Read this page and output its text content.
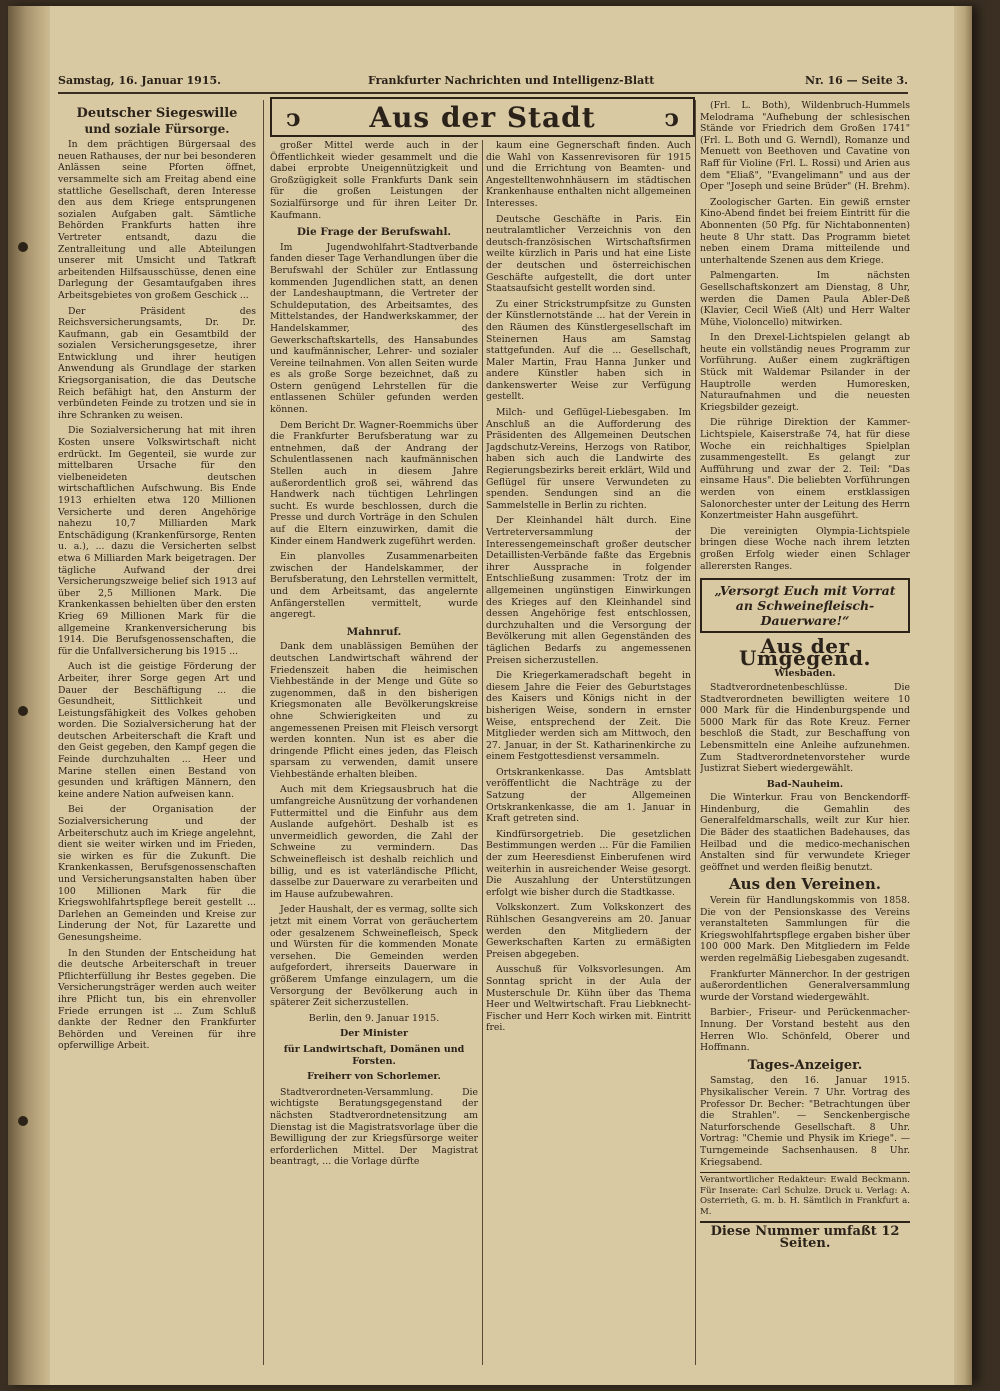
Samstag, 16. Januar 1915.	Frankfurter Nachrichten und Intelligenz-Blatt	Nr. 16 — Seite 3.
ↄ	Aus der Stadt	ↄ
Deutscher Siegeswille
und soziale Fürsorge.

In dem prächtigen Bürgersaal des neuen Rathauses, der nur bei besonderen Anlässen seine Pforten öffnet, versammelte sich am Freitag abend eine stattliche Gesellschaft, deren Interesse den aus dem Kriege entsprungenen sozialen Aufgaben galt. Sämtliche Behörden Frankfurts hatten ihre Vertreter entsandt, dazu die Zentralleitung und alle Abteilungen unserer mit Umsicht und Tatkraft arbeitenden Hilfsausschüsse, denen eine Darlegung der Gesamtaufgaben ihres Arbeitsgebietes von großem Geschick ...

Der Präsident des Reichsversicherungsamts, Dr. Dr. Kaufmann, gab ein Gesamtbild der sozialen Versicherungsgesetze, ihrer Entwicklung und ihrer heutigen Anwendung als Grundlage der starken Kriegsorganisation, die das Deutsche Reich befähigt hat, den Ansturm der verbündeten Feinde zu trotzen und sie in ihre Schranken zu weisen.

Die Sozialversicherung hat mit ihren Kosten unsere Volkswirtschaft nicht erdrückt. Im Gegenteil, sie wurde zur mittelbaren Ursache für den vielbeneideten deutschen wirtschaftlichen Aufschwung. Bis Ende 1913 erhielten etwa 120 Millionen Versicherte und deren Angehörige nahezu 10,7 Milliarden Mark Entschädigung (Krankenfürsorge, Renten u. a.), ... dazu die Versicherten selbst etwa 6 Milliarden Mark beigetragen. Der tägliche Aufwand der drei Versicherungszweige belief sich 1913 auf über 2,5 Millionen Mark. Die Krankenkassen behielten über den ersten Krieg 69 Millionen Mark für die allgemeine Krankenversicherung bis 1914. Die Berufsgenossenschaften, die für die Unfallversicherung bis 1915 ...

Auch ist die geistige Förderung der Arbeiter, ihrer Sorge gegen Art und Dauer der Beschäftigung ... die Gesundheit, Sittlichkeit und Leistungsfähigkeit des Volkes gehoben worden. Die Sozialversicherung hat der deutschen Arbeiterschaft die Kraft und den Geist gegeben, den Kampf gegen die Feinde durchzuhalten ... Heer und Marine stellen einen Bestand von gesunden und kräftigen Männern, den keine andere Nation aufweisen kann.

Bei der Organisation der Sozialversicherung und der Arbeiterschutz auch im Kriege angelehnt, dient sie weiter wirken und im Frieden, sie wirken es für die Zukunft. Die Krankenkassen, Berufsgenossenschaften und Versicherungsanstalten haben über 100 Millionen Mark für die Kriegswohlfahrtspflege bereit gestellt ... Darlehen an Gemeinden und Kreise zur Linderung der Not, für Lazarette und Genesungsheime.

In den Stunden der Entscheidung hat die deutsche Arbeiterschaft in treuer Pflichterfüllung ihr Bestes gegeben. Die Versicherungsträger werden auch weiter ihre Pflicht tun, bis ein ehrenvoller Friede errungen ist ... Zum Schluß dankte der Redner den Frankfurter Behörden und Vereinen für ihre opferwillige Arbeit.

großer Mittel werde auch in der Öffentlichkeit wieder gesammelt und die dabei erprobte Uneigennützigkeit und Großzügigkeit solle Frankfurts Dank sein für die großen Leistungen der Sozialfürsorge und für ihren Leiter Dr. Kaufmann.

Die Frage der Berufswahl.

Im Jugendwohlfahrt-Stadtverbande fanden dieser Tage Verhandlungen über die Berufswahl der Schüler zur Entlassung kommenden Jugendlichen statt, an denen der Landeshauptmann, die Vertreter der Schuldeputation, des Arbeitsamtes, des Mittelstandes, der Handwerkskammer, der Handelskammer, des Gewerkschaftskartells, des Hansabundes und kaufmännischer, Lehrer- und sozialer Vereine teilnahmen. Von allen Seiten wurde es als große Sorge bezeichnet, daß zu Ostern genügend Lehrstellen für die entlassenen Schüler gefunden werden können.

Dem Bericht Dr. Wagner-Roemmichs über die Frankfurter Berufsberatung war zu entnehmen, daß der Andrang der Schulentlassenen nach kaufmännischen Stellen auch in diesem Jahre außerordentlich groß sei, während das Handwerk nach tüchtigen Lehrlingen sucht. Es wurde beschlossen, durch die Presse und durch Vorträge in den Schulen auf die Eltern einzuwirken, damit die Kinder einem Handwerk zugeführt werden.

Ein planvolles Zusammenarbeiten zwischen der Handelskammer, der Berufsberatung, den Lehrstellen vermittelt, und dem Arbeitsamt, das angelernte Anfängerstellen vermittelt, wurde angeregt.

Mahnruf.

Dank dem unablässigen Bemühen der deutschen Landwirtschaft während der Friedenszeit haben die heimischen Viehbestände in der Menge und Güte so zugenommen, daß in den bisherigen Kriegsmonaten alle Bevölkerungskreise ohne Schwierigkeiten und zu angemessenen Preisen mit Fleisch versorgt werden konnten. Nun ist es aber die dringende Pflicht eines jeden, das Fleisch sparsam zu verwenden, damit unsere Viehbestände erhalten bleiben.

Auch mit dem Kriegsausbruch hat die umfangreiche Ausnützung der vorhandenen Futtermittel und die Einfuhr aus dem Auslande aufgehört. Deshalb ist es unvermeidlich geworden, die Zahl der Schweine zu vermindern. Das Schweinefleisch ist deshalb reichlich und billig, und es ist vaterländische Pflicht, dasselbe zur Dauerware zu verarbeiten und im Hause aufzubewahren.

Jeder Haushalt, der es vermag, sollte sich jetzt mit einem Vorrat von geräuchertem oder gesalzenem Schweinefleisch, Speck und Würsten für die kommenden Monate versehen. Die Gemeinden werden aufgefordert, ihrerseits Dauerware in größerem Umfange einzulagern, um die Versorgung der Bevölkerung auch in späterer Zeit sicherzustellen.

Berlin, den 9. Januar 1915.
Der Minister
für Landwirtschaft, Domänen und Forsten.
Freiherr von Schorlemer.

Stadtverordneten-Versammlung. Die wichtigste Beratungsgegenstand der nächsten Stadtverordnetensitzung am Dienstag ist die Magistratsvorlage über die Bewilligung der zur Kriegsfürsorge weiter erforderlichen Mittel. Der Magistrat beantragt, ... die Vorlage dürfte

kaum eine Gegnerschaft finden. Auch die Wahl von Kassenrevisoren für 1915 und die Errichtung von Beamten- und Angestelltenwohnhäusern im städtischen Krankenhause enthalten nicht allgemeinen Interesses.

Deutsche Geschäfte in Paris. Ein neutralamtlicher Verzeichnis von den deutsch-französischen Wirtschaftsfirmen weilte kürzlich in Paris und hat eine Liste der deutschen und österreichischen Geschäfte aufgestellt, die dort unter Staatsaufsicht gestellt worden sind.

Zu einer Strickstrumpfsitze zu Gunsten der Künstlernotstände ... hat der Verein in den Räumen des Künstlergesellschaft im Steinernen Haus am Samstag stattgefunden. Auf die ... Gesellschaft, Maler Martin, Frau Hanna Junker und andere Künstler haben sich in dankenswerter Weise zur Verfügung gestellt.

Milch- und Geflügel-Liebesgaben. Im Anschluß an die Aufforderung des Präsidenten des Allgemeinen Deutschen Jagdschutz-Vereins, Herzogs von Ratibor, haben sich auch die Landwirte des Regierungsbezirks bereit erklärt, Wild und Geflügel für unsere Verwundeten zu spenden. Sendungen sind an die Sammelstelle in Berlin zu richten.

Der Kleinhandel hält durch. Eine Vertreterversammlung der Interessengemeinschaft großer deutscher Detaillisten-Verbände faßte das Ergebnis ihrer Aussprache in folgender Entschließung zusammen: Trotz der im allgemeinen ungünstigen Einwirkungen des Krieges auf den Kleinhandel sind dessen Angehörige fest entschlossen, durchzuhalten und die Versorgung der Bevölkerung mit allen Gegenständen des täglichen Bedarfs zu angemessenen Preisen sicherzustellen.

Die Kriegerkameradschaft begeht in diesem Jahre die Feier des Geburtstages des Kaisers und Königs nicht in der bisherigen Weise, sondern in ernster Weise, entsprechend der Zeit. Die Mitglieder werden sich am Mittwoch, den 27. Januar, in der St. Katharinenkirche zu einem Festgottesdienst versammeln.

Ortskrankenkasse. Das Amtsblatt veröffentlicht die Nachträge zu der Satzung der Allgemeinen Ortskrankenkasse, die am 1. Januar in Kraft getreten sind.

Kindfürsorgetrieb. Die gesetzlichen Bestimmungen werden ... Für die Familien der zum Heeresdienst Einberufenen wird weiterhin in ausreichender Weise gesorgt. Die Auszahlung der Unterstützungen erfolgt wie bisher durch die Stadtkasse.

Volkskonzert. Zum Volkskonzert des Rühlschen Gesangvereins am 20. Januar werden den Mitgliedern der Gewerkschaften Karten zu ermäßigten Preisen abgegeben.

Ausschuß für Volksvorlesungen. Am Sonntag spricht in der Aula der Musterschule Dr. Kühn über das Thema Heer und Weltwirtschaft. Frau Liebknecht-Fischer und Herr Koch wirken mit. Eintritt frei.

(Frl. L. Both), Wildenbruch-Hummels Melodrama "Aufhebung der schlesischen Stände vor Friedrich dem Großen 1741" (Frl. L. Both und G. Werndl), Romanze und Menuett von Beethoven und Cavatine von Raff für Violine (Frl. L. Rossi) und Arien aus dem "Eliaß", "Evangelimann" und aus der Oper "Joseph und seine Brüder" (H. Brehm).

Zoologischer Garten. Ein gewiß ernster Kino-Abend findet bei freiem Eintritt für die Abonnenten (50 Pfg. für Nichtabonnenten) heute 8 Uhr statt. Das Programm bietet neben einem Drama mitteilende und unterhaltende Szenen aus dem Kriege.

Palmengarten. Im nächsten Gesellschaftskonzert am Dienstag, 8 Uhr, werden die Damen Paula Abler-Deß (Klavier, Cecil Wieß (Alt) und Herr Walter Mühe, Violoncello) mitwirken.

In den Drexel-Lichtspielen gelangt ab heute ein vollständig neues Programm zur Vorführung. Außer einem zugkräftigen Stück mit Waldemar Psilander in der Hauptrolle werden Humoresken, Naturaufnahmen und die neuesten Kriegsbilder gezeigt.

Die rührige Direktion der Kammer-Lichtspiele, Kaiserstraße 74, hat für diese Woche ein reichhaltiges Spielplan zusammengestellt. Es gelangt zur Aufführung und zwar der 2. Teil: "Das einsame Haus". Die beliebten Vorführungen werden von einem erstklassigen Salonorchester unter der Leitung des Herrn Konzertmeister Hahn ausgeführt.

Die vereinigten Olympia-Lichtspiele bringen diese Woche nach ihrem letzten großen Erfolg wieder einen Schlager allerersten Ranges.

„Versorgt Euch mit Vorrat an Schweinefleisch-Dauerware!“
Aus der Umgegend.
Wiesbaden.

Stadtverordnetenbeschlüsse. Die Stadtverordneten bewilligten weitere 10 000 Mark für die Hindenburgspende und 5000 Mark für das Rote Kreuz. Ferner beschloß die Stadt, zur Beschaffung von Lebensmitteln eine Anleihe aufzunehmen. Zum Stadtverordnetenvorsteher wurde Justizrat Siebert wiedergewählt.

Bad-Nauheim.

Die Winterkur. Frau von Benckendorff-Hindenburg, die Gemahlin des Generalfeldmarschalls, weilt zur Kur hier. Die Bäder des staatlichen Badehauses, das Heilbad und die medico-mechanischen Anstalten sind für verwundete Krieger geöffnet und werden fleißig benutzt.

Aus den Vereinen.

Verein für Handlungskommis von 1858. Die von der Pensionskasse des Vereins veranstalteten Sammlungen für die Kriegswohlfahrtspflege ergaben bisher über 100 000 Mark. Den Mitgliedern im Felde werden regelmäßig Liebesgaben zugesandt.

Frankfurter Männerchor. In der gestrigen außerordentlichen Generalversammlung wurde der Vorstand wiedergewählt.

Barbier-, Friseur- und Perückenmacher-Innung. Der Vorstand besteht aus den Herren Wlo. Schönfeld, Oberer und Hoffmann.

Tages-Anzeiger.

Samstag, den 16. Januar 1915. Physikalischer Verein. 7 Uhr. Vortrag des Professor Dr. Becher: "Betrachtungen über die Strahlen". — Senckenbergische Naturforschende Gesellschaft. 8 Uhr. Vortrag: "Chemie und Physik im Kriege". — Turngemeinde Sachsenhausen. 8 Uhr. Kriegsabend.

Verantwortlicher Redakteur: Ewald Beckmann. Für Inserate: Carl Schulze. Druck u. Verlag: A. Osterrieth, G. m. b. H. Sämtlich in Frankfurt a. M.

Diese Nummer umfaßt 12 Seiten.
